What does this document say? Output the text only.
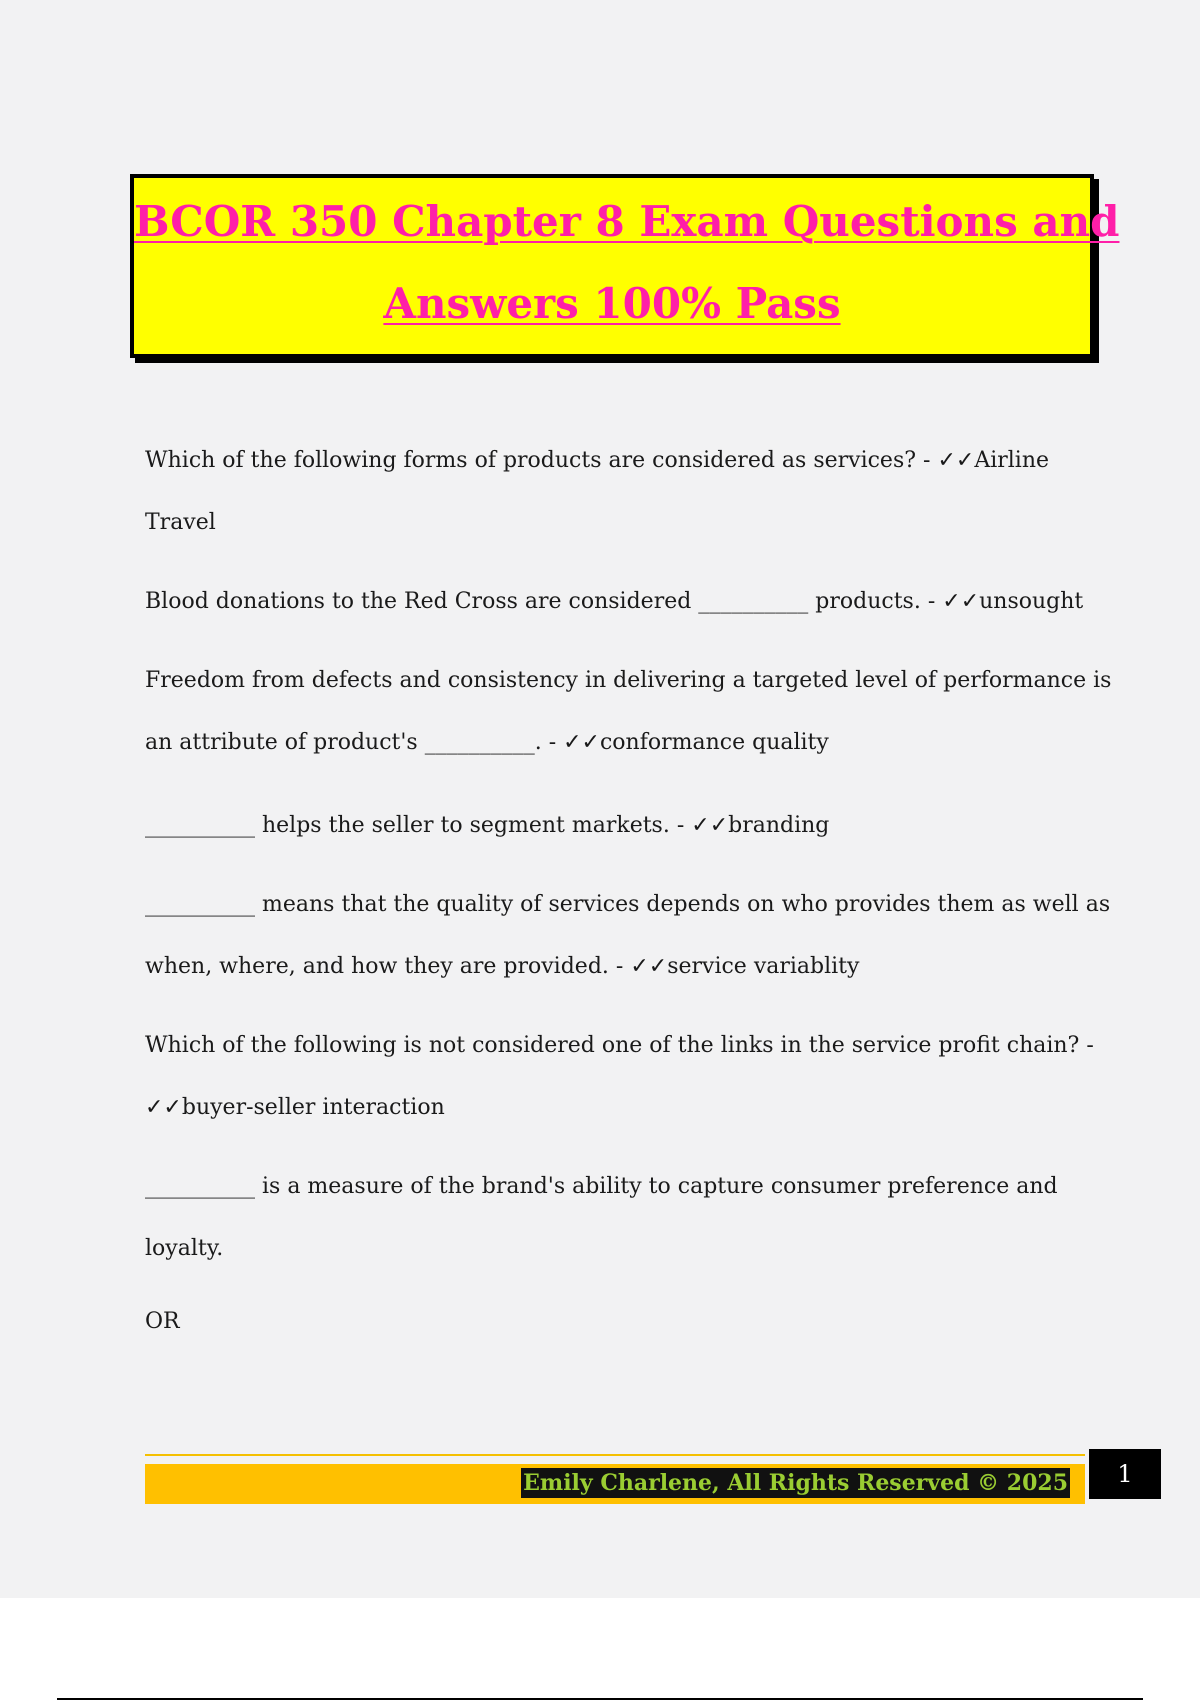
BCOR 350 Chapter 8 Exam Questions and
Answers 100% Pass
Which of the following forms of products are considered as services? - ✓✓Airline
Travel
Blood donations to the Red Cross are considered __________ products. - ✓✓unsought
Freedom from defects and consistency in delivering a targeted level of performance is
an attribute of product's __________. - ✓✓conformance quality
__________ helps the seller to segment markets. - ✓✓branding
__________ means that the quality of services depends on who provides them as well as
when, where, and how they are provided. - ✓✓service variablity
Which of the following is not considered one of the links in the service profit chain? -
✓✓buyer-seller interaction
__________ is a measure of the brand's ability to capture consumer preference and
loyalty.
OR
Emily Charlene, All Rights Reserved © 2025	1
